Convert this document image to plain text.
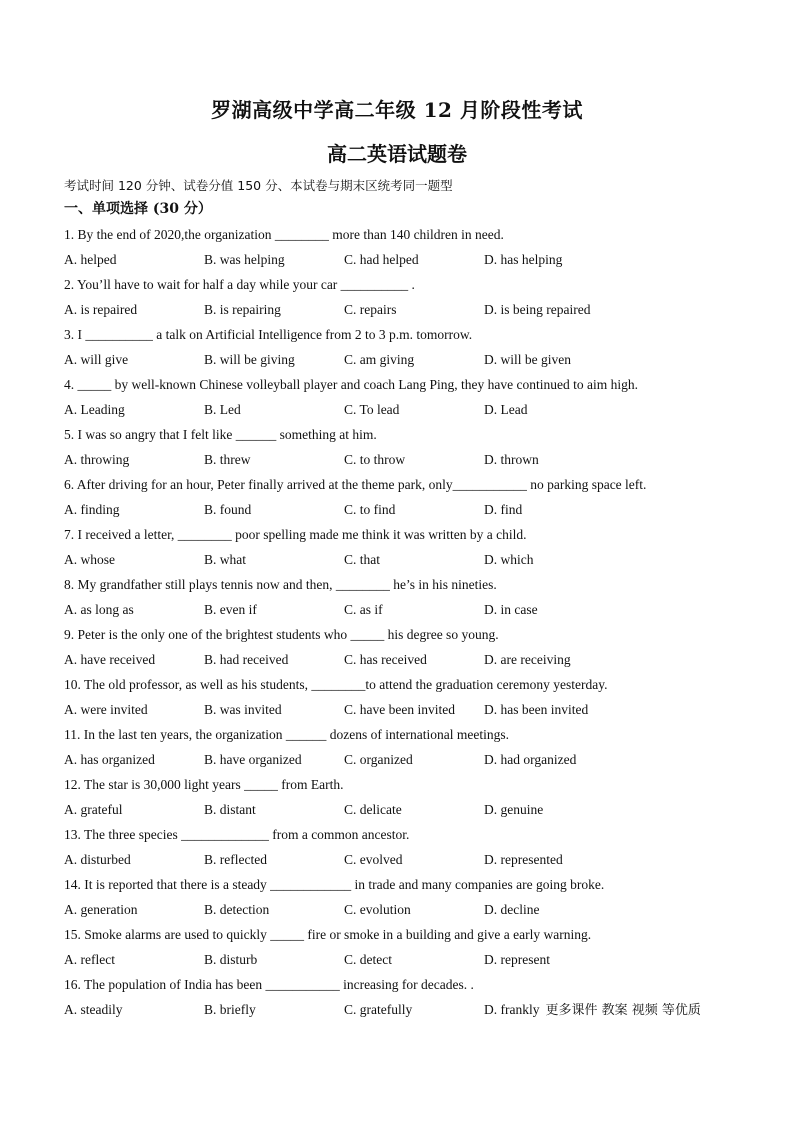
罗湖高级中学高二年级 12 月阶段性考试
高二英语试题卷
考试时间 120 分钟、试卷分值 150 分、本试卷与期末区统考同一题型
一、单项选择 (30 分）
1. By the end of 2020,the organization ________ more than 140 children in need.
A. helped	B. was helping	C. had helped	D. has helping
2. You’ll have to wait for half a day while your car __________ .
A. is repaired	B. is repairing	C. repairs	D. is being repaired
3. I __________ a talk on Artificial Intelligence from 2 to 3 p.m. tomorrow.
A. will give	B. will be giving	C. am giving	D. will be given
4. _____ by well-known Chinese volleyball player and coach Lang Ping, they have continued to aim high.
A. Leading	B. Led	C. To lead	D. Lead
5. I was so angry that I felt like ______ something at him.
A. throwing	B. threw	C. to throw	D. thrown
6. After driving for an hour, Peter finally arrived at the theme park, only___________ no parking space left.
A. finding	B. found	C. to find	D. find
7. I received a letter, ________ poor spelling made me think it was written by a child.
A. whose	B. what	C. that	D. which
8. My grandfather still plays tennis now and then, ________ he’s in his nineties.
A. as long as	B. even if	C. as if	D. in case
9. Peter is the only one of the brightest students who _____ his degree so young.
A. have received	B. had received	C. has received	D. are receiving
10. The old professor, as well as his students, ________to attend the graduation ceremony yesterday.
A. were invited	B. was invited	C. have been invited D. has been invited
11. In the last ten years, the organization ______ dozens of international meetings.
A. has organized	B. have organized	C. organized	D. had organized
12. The star is 30,000 light years _____ from Earth.
A. grateful	B. distant	C. delicate	D. genuine
13. The three species _____________ from a common ancestor.
A. disturbed	B. reflected	C. evolved	D. represented
14. It is reported that there is a steady ____________ in trade and many companies are going broke.
A. generation	B. detection	C. evolution	D. decline
15. Smoke alarms are used to quickly _____ fire or smoke in a building and give a early warning.
A. reflect	B. disturb	C. detect	D. represent
16. The population of India has been ___________ increasing for decades. .
A. steadily	B. briefly	C. gratefully	D. frankly 更多课件 教案 视频 等优质
